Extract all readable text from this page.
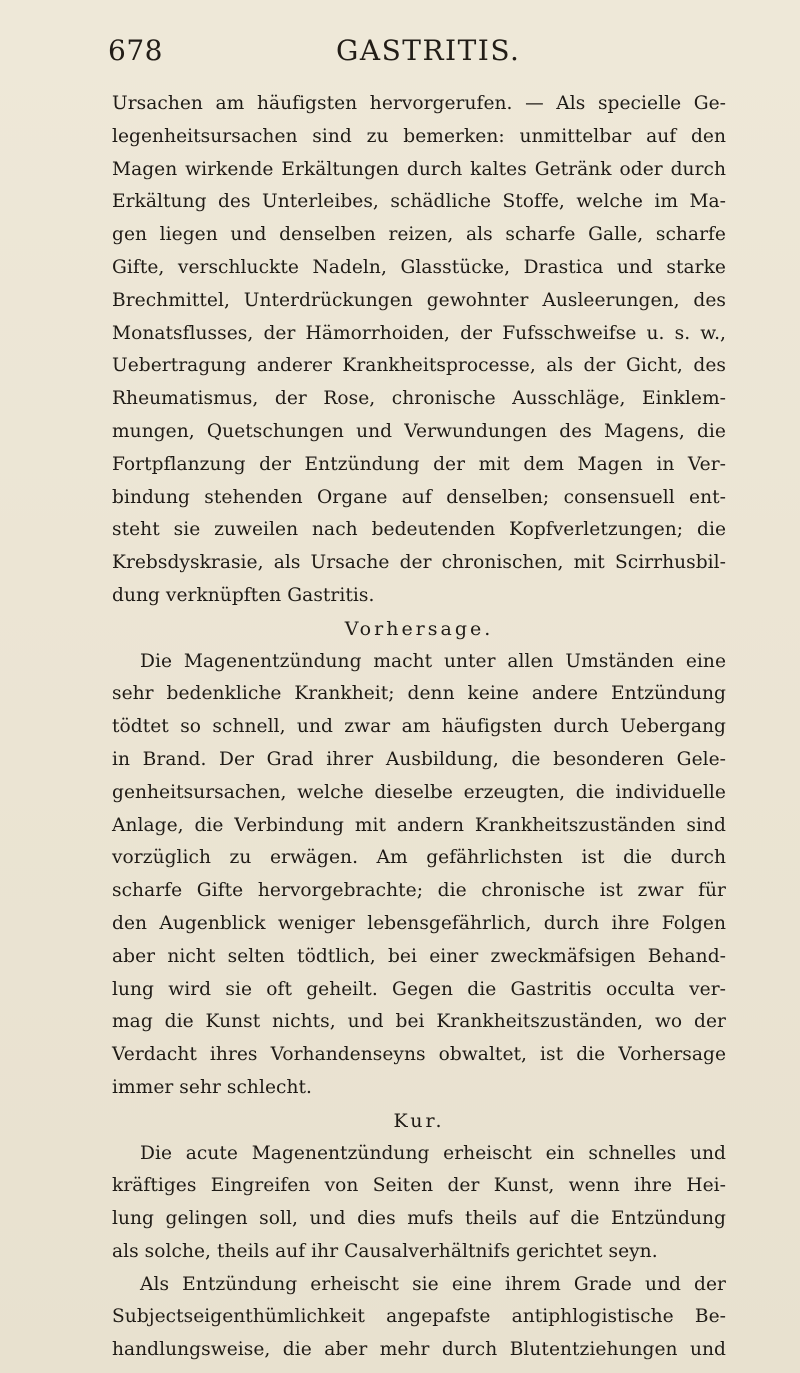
678	GASTRITIS.
Ursachen am häufigsten hervorgerufen. — Als specielle Ge-
legenheitsursachen sind zu bemerken: unmittelbar auf den
Magen wirkende Erkältungen durch kaltes Getränk oder durch
Erkältung des Unterleibes, schädliche Stoffe, welche im Ma-
gen liegen und denselben reizen, als scharfe Galle, scharfe
Gifte, verschluckte Nadeln, Glasstücke, Drastica und starke
Brechmittel, Unterdrückungen gewohnter Ausleerungen, des
Monatsflusses, der Hämorrhoiden, der Fufsschweifse u. s. w.,
Uebertragung anderer Krankheitsprocesse, als der Gicht, des
Rheumatismus, der Rose, chronische Ausschläge, Einklem-
mungen, Quetschungen und Verwundungen des Magens, die
Fortpflanzung der Entzündung der mit dem Magen in Ver-
bindung stehenden Organe auf denselben; consensuell ent-
steht sie zuweilen nach bedeutenden Kopfverletzungen; die
Krebsdyskrasie, als Ursache der chronischen, mit Scirrhusbil-
dung verknüpften Gastritis.
Vorhersage.
Die Magenentzündung macht unter allen Umständen eine
sehr bedenkliche Krankheit; denn keine andere Entzündung
tödtet so schnell, und zwar am häufigsten durch Uebergang
in Brand. Der Grad ihrer Ausbildung, die besonderen Gele-
genheitsursachen, welche dieselbe erzeugten, die individuelle
Anlage, die Verbindung mit andern Krankheitszuständen sind
vorzüglich zu erwägen. Am gefährlichsten ist die durch
scharfe Gifte hervorgebrachte; die chronische ist zwar für
den Augenblick weniger lebensgefährlich, durch ihre Folgen
aber nicht selten tödtlich, bei einer zweckmäfsigen Behand-
lung wird sie oft geheilt. Gegen die Gastritis occulta ver-
mag die Kunst nichts, und bei Krankheitszuständen, wo der
Verdacht ihres Vorhandenseyns obwaltet, ist die Vorhersage
immer sehr schlecht.
Kur.
Die acute Magenentzündung erheischt ein schnelles und
kräftiges Eingreifen von Seiten der Kunst, wenn ihre Hei-
lung gelingen soll, und dies mufs theils auf die Entzündung
als solche, theils auf ihr Causalverhältnifs gerichtet seyn.
Als Entzündung erheischt sie eine ihrem Grade und der
Subjectseigenthümlichkeit angepafste antiphlogistische Be-
handlungsweise, die aber mehr durch Blutentziehungen und
